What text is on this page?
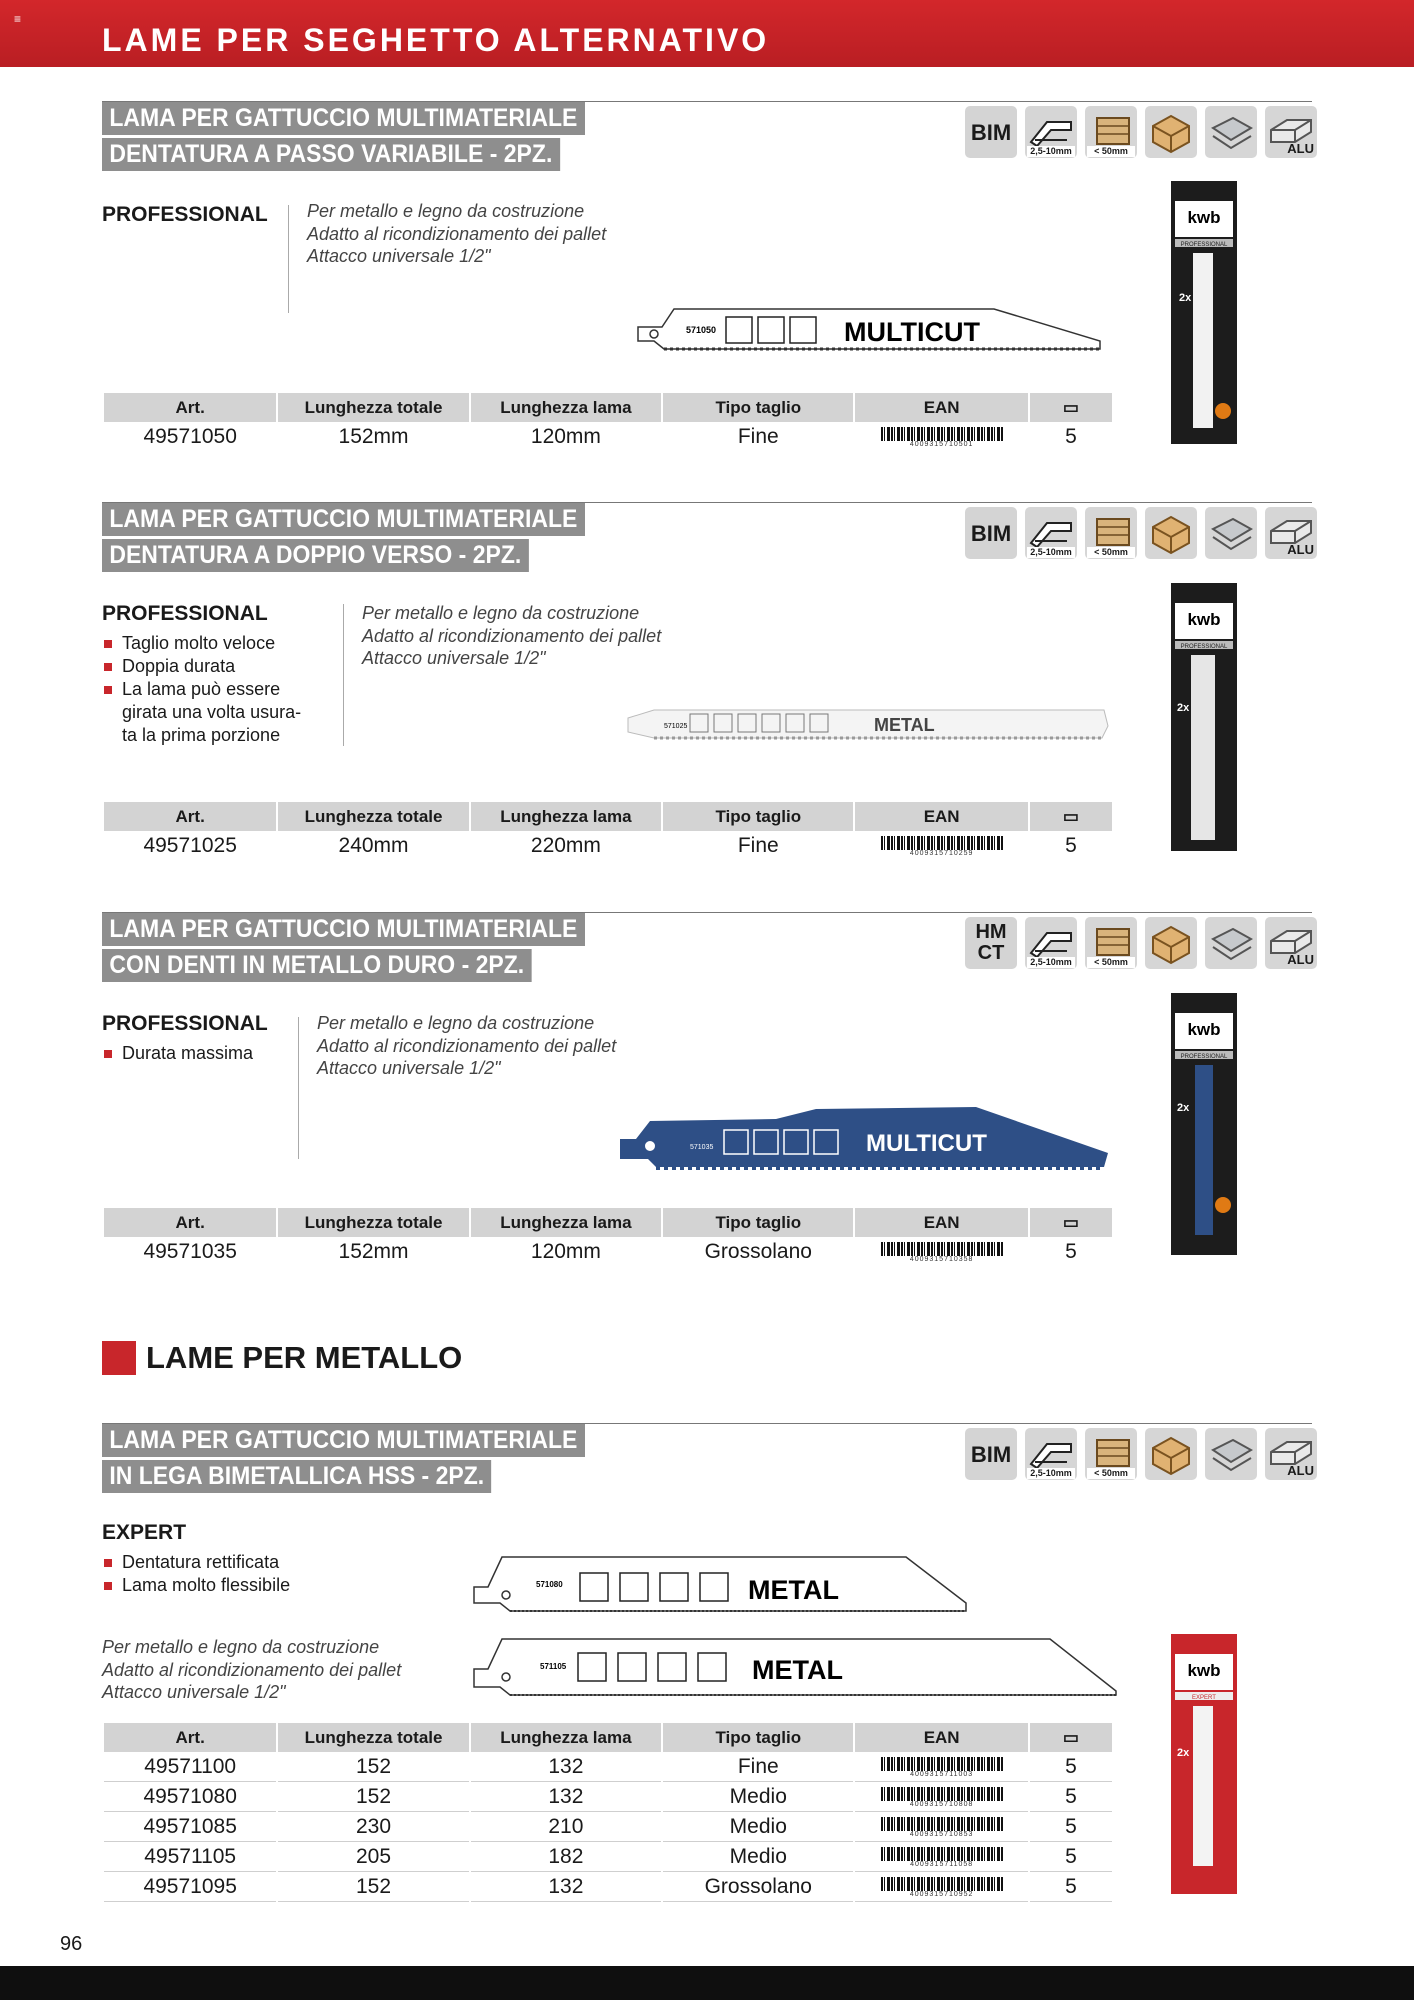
≡
LAME PER SEGHETTO ALTERNATIVO
LAMA PER GATTUCCIO MULTIMATERIALE
DENTATURA A PASSO VARIABILE - 2PZ.
BIM
2,5-10mm	< 50mm	ALU
PROFESSIONAL Per metallo e legno da costruzione
Adatto al ricondizionamento dei pallet
Attacco universale 1/2"
571050	MULTICUT
Art.	Lunghezza totale	Lunghezza lama	Tipo taglio	EAN	▭
49571050	152mm	120mm	Fine	4009315710501	5
kwb
PROFESSIONAL
2x
LAMA PER GATTUCCIO MULTIMATERIALE
DENTATURA A DOPPIO VERSO - 2PZ.
BIM
2,5-10mm	< 50mm	ALU
PROFESSIONAL
Taglio molto veloce
Doppia durata
La lama può essere
girata una volta usura-
ta la prima porzione
Per metallo e legno da costruzione
Adatto al ricondizionamento dei pallet
Attacco universale 1/2"
571025	METAL
Art.	Lunghezza totale	Lunghezza lama	Tipo taglio	EAN	▭
49571025	240mm	220mm	Fine	4009315710259	5
kwb
PROFESSIONAL
2x
LAMA PER GATTUCCIO MULTIMATERIALE
CON DENTI IN METALLO DURO - 2PZ.
HM
CT	2,5-10mm	< 50mm	ALU
PROFESSIONAL
Durata massima
Per metallo e legno da costruzione
Adatto al ricondizionamento dei pallet
Attacco universale 1/2"
571035	MULTICUT
Art.	Lunghezza totale	Lunghezza lama	Tipo taglio	EAN	▭
49571035	152mm	120mm	Grossolano	4009315710358	5
kwb
PROFESSIONAL
2x
LAME PER METALLO
LAMA PER GATTUCCIO MULTIMATERIALE
IN LEGA BIMETALLICA HSS - 2PZ.
BIM
2,5-10mm	< 50mm	ALU
EXPERT
Dentatura rettificata
Lama molto flessibile
Per metallo e legno da costruzione
Adatto al ricondizionamento dei pallet
Attacco universale 1/2"
571080	METAL
571105	METAL
Art.	Lunghezza totale	Lunghezza lama	Tipo taglio	EAN	▭
49571100	152	132	Fine	4009315711003	5
49571080	152	132	Medio	4009315710808	5
49571085	230	210	Medio	4009315710853	5
49571105	205	182	Medio	4009315711058	5
49571095	152	132	Grossolano	4009315710952	5
kwb
EXPERT
2x
96
